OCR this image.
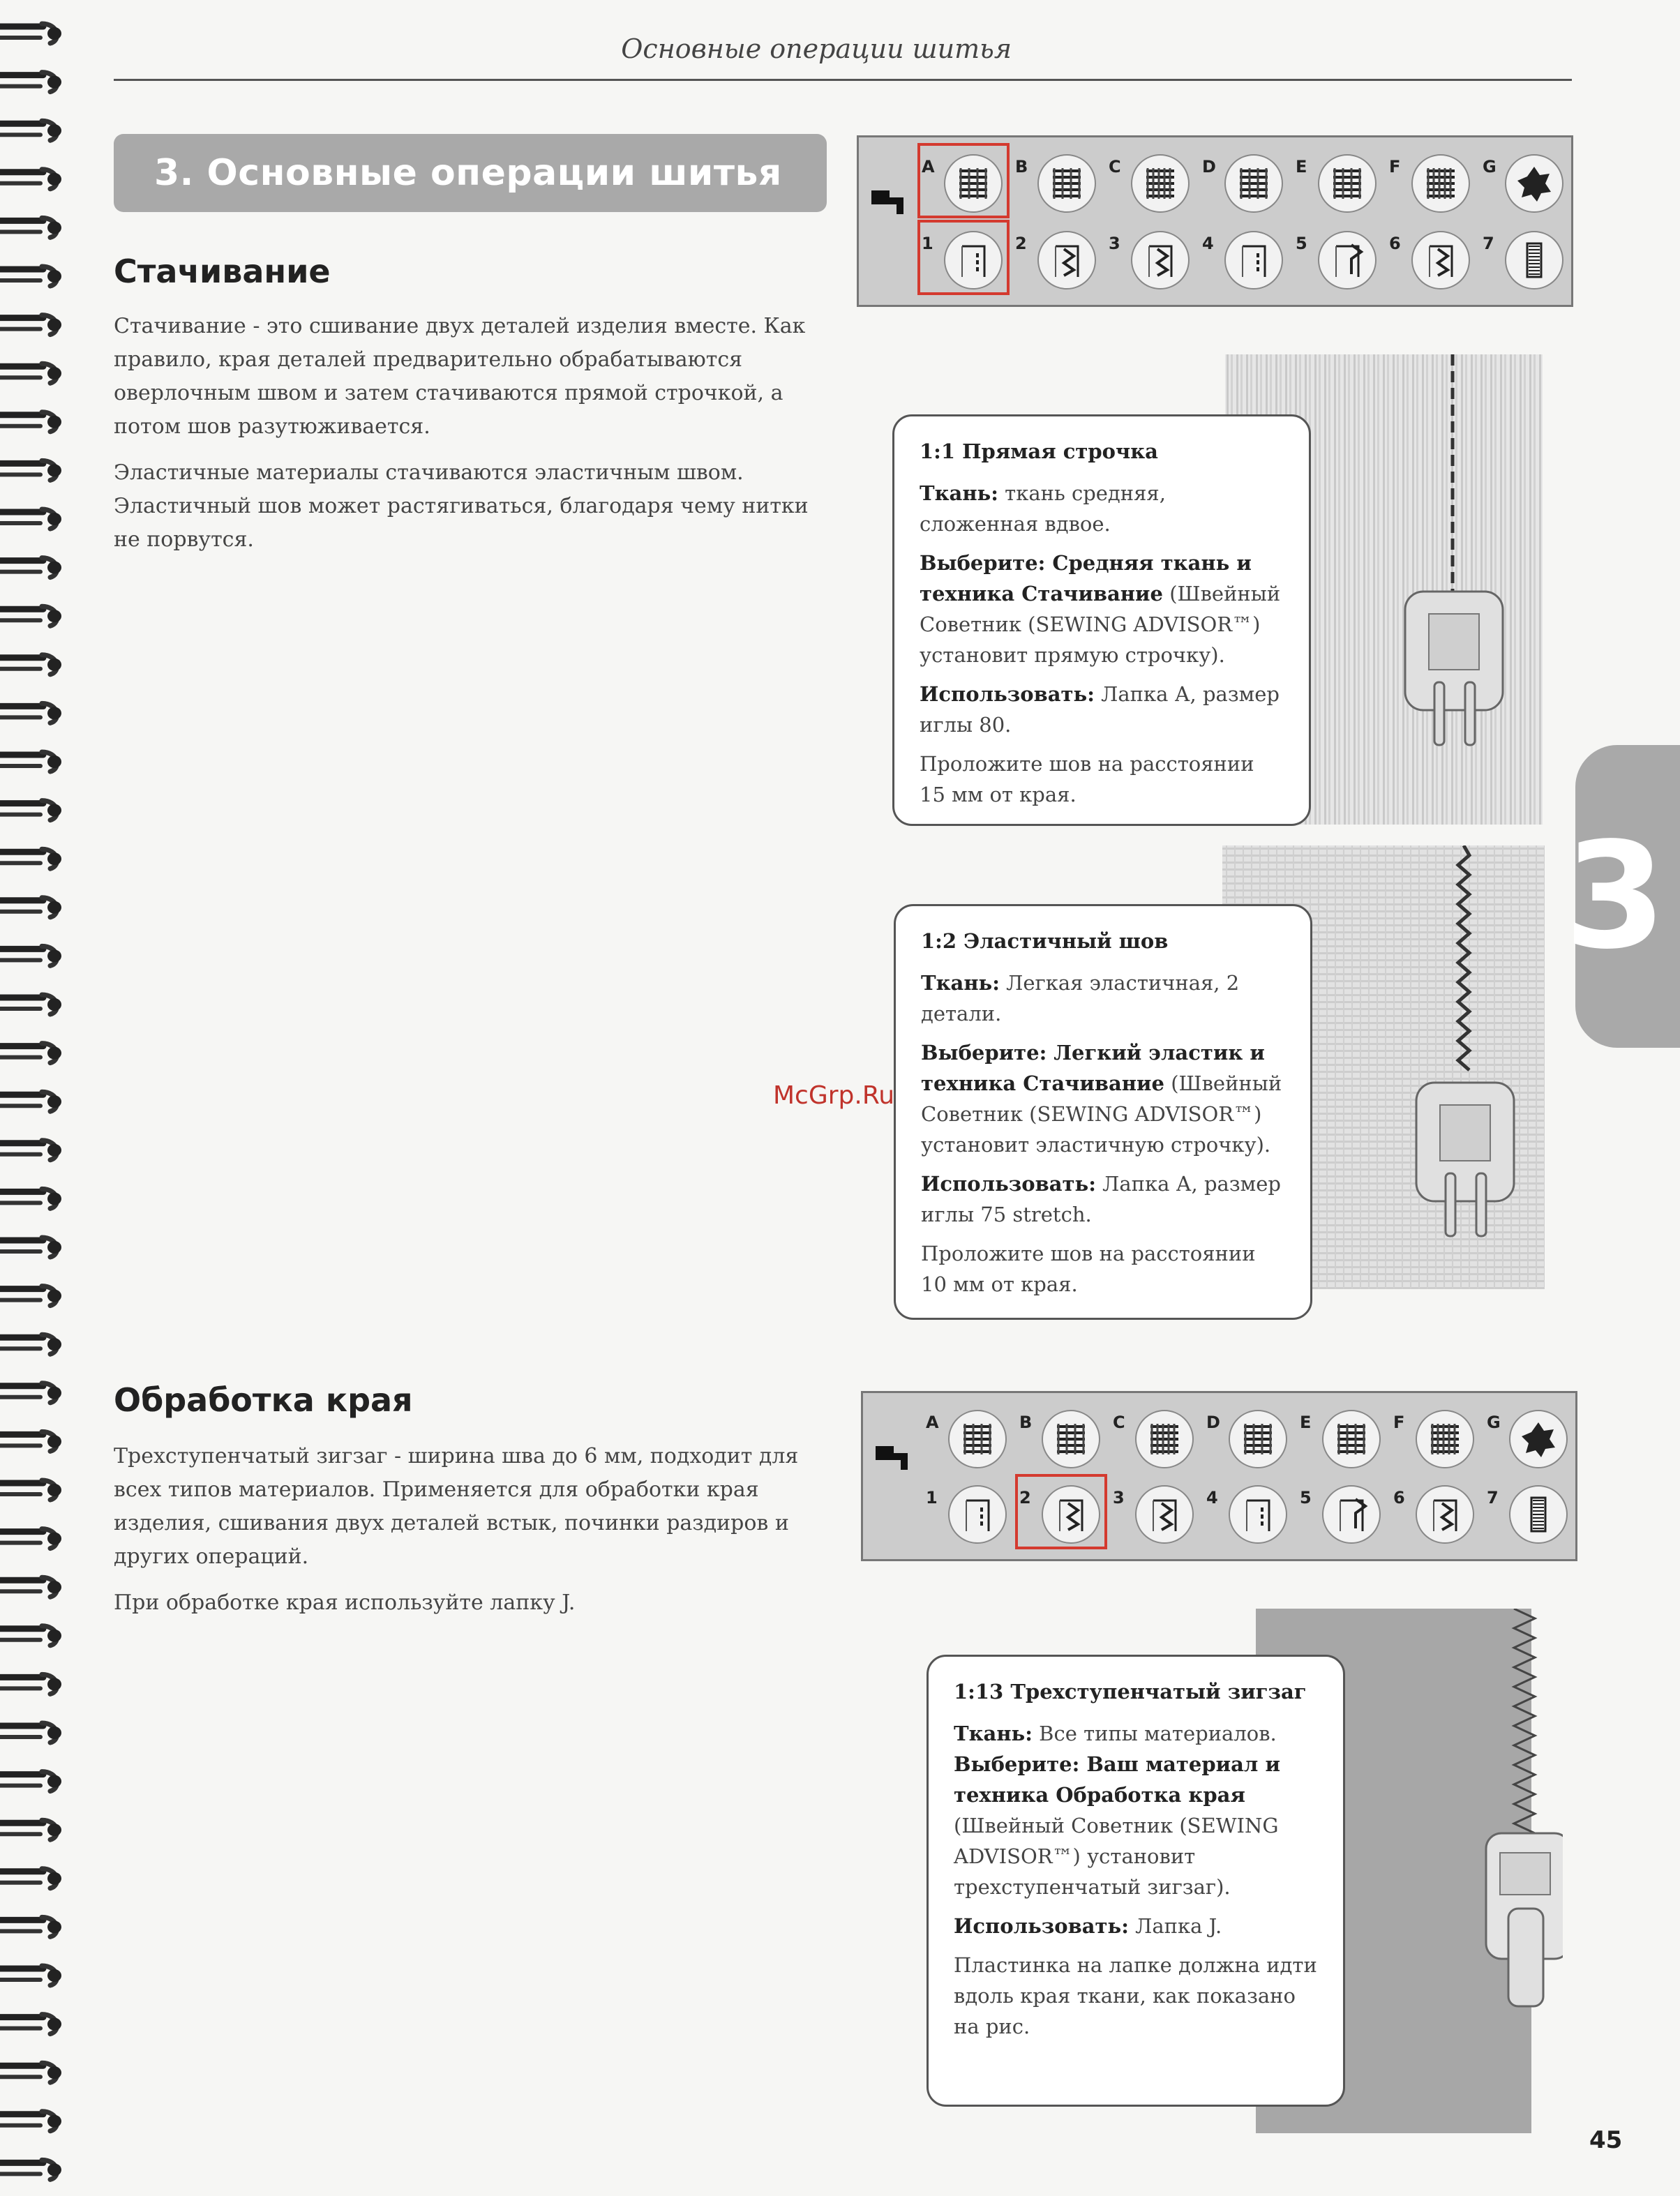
Основные операции шитья
3. Основные операции шитья
Стачивание

Стачивание - это сшивание двух деталей изделия вместе. Как правило, края деталей предварительно обрабатываются оверлочным швом и затем стачиваются прямой строчкой, а потом шов разутюживается.

Эластичные материалы стачиваются эластичным швом. Эластичный шов может растягиваться, благодаря чему нитки не порвутся.

A	B	C	D	E	F	G
1	2	3	4	5	6	7

1:1 Прямая строчка

Ткань: ткань средняя, сложенная вдвое.

Выберите: Средняя ткань и техника Стачивание (Швейный Советник (SEWING ADVISOR™) установит прямую строчку).

Использовать: Лапка А, размер иглы 80.

Проложите шов на расстоянии 15 мм от края.

1:2 Эластичный шов

Ткань: Легкая эластичная, 2 детали.

Выберите: Легкий эластик и техника Стачивание (Швейный Советник (SEWING ADVISOR™) установит эластичную строчку).

Использовать: Лапка А, размер иглы 75 stretch.

Проложите шов на расстоянии 10 мм от края.

Обработка края

Трехступенчатый зигзаг - ширина шва до 6 мм, подходит для всех типов материалов. Применяется для обработки края изделия, сшивания двух деталей встык, починки раздиров и других операций.

При обработке края используйте лапку J.

A	B	C	D	E	F	G
1	2	3	4	5	6	7

1:13 Трехступенчатый зигзаг

Ткань: Все типы материалов.
Выберите: Ваш материал и техника Обработка края (Швейный Советник (SEWING ADVISOR™) установит трехступенчатый зигзаг).

Использовать: Лапка J.

Пластинка на лапке должна идти вдоль края ткани, как показано на рис.

3
McGrp.Ru
45
